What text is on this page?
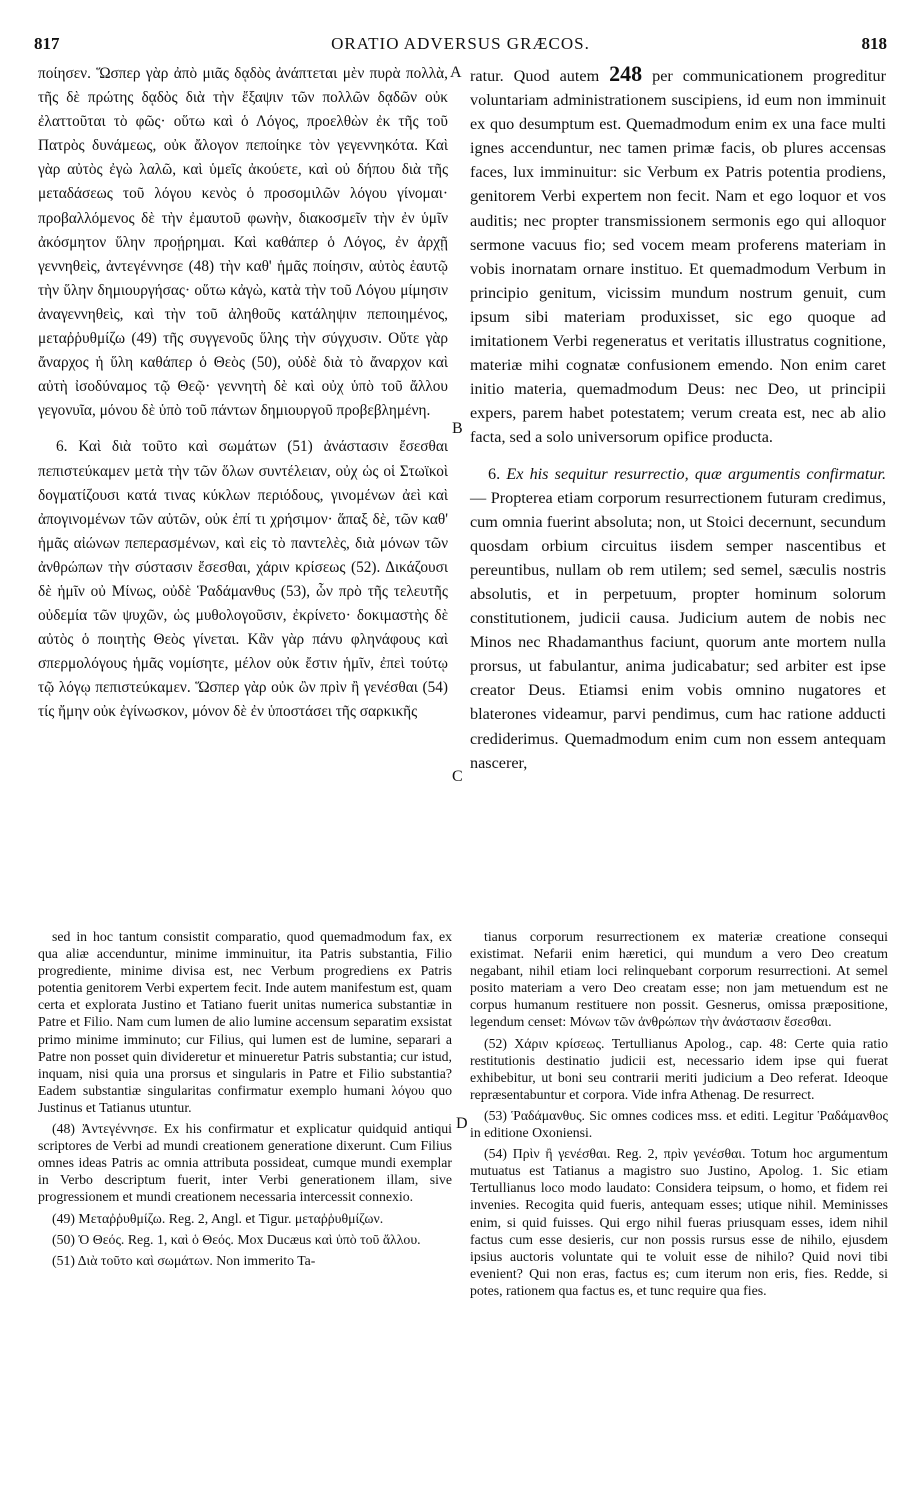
817	ORATIO ADVERSUS GRÆCOS.	818
A
B
C
D

ποίησεν. Ὥσπερ γὰρ ἀπὸ μιᾶς δᾳδὸς ἀνάπτεται μὲν πυρὰ πολλὰ, τῆς δὲ πρώτης δᾳδὸς διὰ τὴν ἔξαψιν τῶν πολλῶν δᾳδῶν οὐκ ἐλαττοῦται τὸ φῶς· οὕτω καὶ ὁ Λόγος, προελθὼν ἐκ τῆς τοῦ Πατρὸς δυνάμεως, οὐκ ἄλογον πεποίηκε τὸν γεγεννηκότα. Καὶ γὰρ αὐτὸς ἐγὼ λαλῶ, καὶ ὑμεῖς ἀκούετε, καὶ οὐ δήπου διὰ τῆς μεταδάσεως τοῦ λόγου κενὸς ὁ προσομιλῶν λόγου γίνομαι· προβαλλόμενος δὲ τὴν ἐμαυτοῦ φωνὴν, διακοσμεῖν τὴν ἐν ὑμῖν ἀκόσμητον ὕλην προῄρημαι. Καὶ καθάπερ ὁ Λόγος, ἐν ἀρχῇ γεννηθεὶς, ἀντεγέννησε (48) τὴν καθ' ἡμᾶς ποίησιν, αὐτὸς ἑαυτῷ τὴν ὕλην δημιουργήσας· οὕτω κἀγὼ, κατὰ τὴν τοῦ Λόγου μίμησιν ἀναγεννηθεὶς, καὶ τὴν τοῦ ἀληθοῦς κατάληψιν πεποιημένος, μεταῤῥυθμίζω (49) τῆς συγγενοῦς ὕλης τὴν σύγχυσιν. Οὔτε γὰρ ἄναρχος ἡ ὕλη καθάπερ ὁ Θεὸς (50), οὐδὲ διὰ τὸ ἄναρχον καὶ αὐτὴ ἰσοδύναμος τῷ Θεῷ· γεννητὴ δὲ καὶ οὐχ ὑπὸ τοῦ ἄλλου γεγονυῖα, μόνου δὲ ὑπὸ τοῦ πάντων δημιουργοῦ προβεβλημένη.

6. Καὶ διὰ τοῦτο καὶ σωμάτων (51) ἀνάστασιν ἔσεσθαι πεπιστεύκαμεν μετὰ τὴν τῶν ὅλων συντέλειαν, οὐχ ὡς οἱ Στωϊκοὶ δογματίζουσι κατά τινας κύκλων περιόδους, γινομένων ἀεὶ καὶ ἀπογινομένων τῶν αὐτῶν, οὐκ ἐπί τι χρήσιμον· ἅπαξ δὲ, τῶν καθ' ἡμᾶς αἰώνων πεπερασμένων, καὶ εἰς τὸ παντελὲς, διὰ μόνων τῶν ἀνθρώπων τὴν σύστασιν ἔσεσθαι, χάριν κρίσεως (52). Δικάζουσι δὲ ἡμῖν οὐ Μίνως, οὐδὲ Ῥαδάμανθυς (53), ὧν πρὸ τῆς τελευτῆς οὐδεμία τῶν ψυχῶν, ὡς μυθολογοῦσιν, ἐκρίνετο· δοκιμαστὴς δὲ αὐτὸς ὁ ποιητὴς Θεὸς γίνεται. Κἂν γὰρ πάνυ φληνάφους καὶ σπερμολόγους ἡμᾶς νομίσητε, μέλον οὐκ ἔστιν ἡμῖν, ἐπεὶ τούτῳ τῷ λόγῳ πεπιστεύκαμεν. Ὥσπερ γὰρ οὐκ ὢν πρὶν ἢ γενέσθαι (54) τίς ἤμην οὐκ ἐγίνωσκον, μόνον δὲ ἐν ὑποστάσει τῆς σαρκικῆς

ratur. Quod autem 248 per communicationem progreditur voluntariam administrationem suscipiens, id eum non imminuit ex quo desumptum est. Quemadmodum enim ex una face multi ignes accenduntur, nec tamen primæ facis, ob plures accensas faces, lux imminuitur: sic Verbum ex Patris potentia prodiens, genitorem Verbi expertem non fecit. Nam et ego loquor et vos auditis; nec propter transmissionem sermonis ego qui alloquor sermone vacuus fio; sed vocem meam proferens materiam in vobis inornatam ornare instituo. Et quemadmodum Verbum in principio genitum, vicissim mundum nostrum genuit, cum ipsum sibi materiam produxisset, sic ego quoque ad imitationem Verbi regeneratus et veritatis illustratus cognitione, materiæ mihi cognatæ confusionem emendo. Non enim caret initio materia, quemadmodum Deus: nec Deo, ut principii expers, parem habet potestatem; verum creata est, nec ab alio facta, sed a solo universorum opifice producta.

6. Ex his sequitur resurrectio, quæ argumentis confirmatur. — Propterea etiam corporum resurrectionem futuram credimus, cum omnia fuerint absoluta; non, ut Stoici decernunt, secundum quosdam orbium circuitus iisdem semper nascentibus et pereuntibus, nullam ob rem utilem; sed semel, sæculis nostris absolutis, et in perpetuum, propter hominum solorum constitutionem, judicii causa. Judicium autem de nobis nec Minos nec Rhadamanthus faciunt, quorum ante mortem nulla prorsus, ut fabulantur, anima judicabatur; sed arbiter est ipse creator Deus. Etiamsi enim vobis omnino nugatores et blaterones videamur, parvi pendimus, cum hac ratione adducti crediderimus. Quemadmodum enim cum non essem antequam nascerer,

sed in hoc tantum consistit comparatio, quod quemadmodum fax, ex qua aliæ accenduntur, minime imminuitur, ita Patris substantia, Filio progrediente, minime divisa est, nec Verbum progrediens ex Patris potentia genitorem Verbi expertem fecit. Inde autem manifestum est, quam certa et explorata Justino et Tatiano fuerit unitas numerica substantiæ in Patre et Filio. Nam cum lumen de alio lumine accensum separatim exsistat primo minime imminuto; cur Filius, qui lumen est de lumine, separari a Patre non posset quin divideretur et minueretur Patris substantia; cur istud, inquam, nisi quia una prorsus et singularis in Patre et Filio substantia? Eadem substantiæ singularitas confirmatur exemplo humani λόγου quo Justinus et Tatianus utuntur.

(48) Ἀντεγέννησε. Ex his confirmatur et explicatur quidquid antiqui scriptores de Verbi ad mundi creationem generatione dixerunt. Cum Filius omnes ideas Patris ac omnia attributa possideat, cumque mundi exemplar in Verbo descriptum fuerit, inter Verbi generationem illam, sive progressionem et mundi creationem necessaria intercessit connexio.

(49) Μεταῤῥυθμίζω. Reg. 2, Angl. et Tigur. μεταῤῥυθμίζων.

(50) Ὁ Θεός. Reg. 1, καὶ ὁ Θεός. Mox Ducæus καὶ ὑπὸ τοῦ ἄλλου.

(51) Διὰ τοῦτο καὶ σωμάτων. Non immerito Ta-

tianus corporum resurrectionem ex materiæ creatione consequi existimat. Nefarii enim hæretici, qui mundum a vero Deo creatum negabant, nihil etiam loci relinquebant corporum resurrectioni. At semel posito materiam a vero Deo creatam esse; non jam metuendum est ne corpus humanum restituere non possit. Gesnerus, omissa præpositione, legendum censet: Μόνων τῶν ἀνθρώπων τὴν ἀνάστασιν ἔσεσθαι.

(52) Χάριν κρίσεως. Tertullianus Apolog., cap. 48: Certe quia ratio restitutionis destinatio judicii est, necessario idem ipse qui fuerat exhibebitur, ut boni seu contrarii meriti judicium a Deo referat. Ideoque repræsentabuntur et corpora. Vide infra Athenag. De resurrect.

(53) Ῥαδάμανθυς. Sic omnes codices mss. et editi. Legitur Ῥαδάμανθος in editione Oxoniensi.

(54) Πρὶν ἢ γενέσθαι. Reg. 2, πρὶν γενέσθαι. Totum hoc argumentum mutuatus est Tatianus a magistro suo Justino, Apolog. 1. Sic etiam Tertullianus loco modo laudato: Considera teipsum, o homo, et fidem rei invenies. Recogita quid fueris, antequam esses; utique nihil. Meminisses enim, si quid fuisses. Qui ergo nihil fueras priusquam esses, idem nihil factus cum esse desieris, cur non possis rursus esse de nihilo, ejusdem ipsius auctoris voluntate qui te voluit esse de nihilo? Quid novi tibi evenient? Qui non eras, factus es; cum iterum non eris, fies. Redde, si potes, rationem qua factus es, et tunc require qua fies.
